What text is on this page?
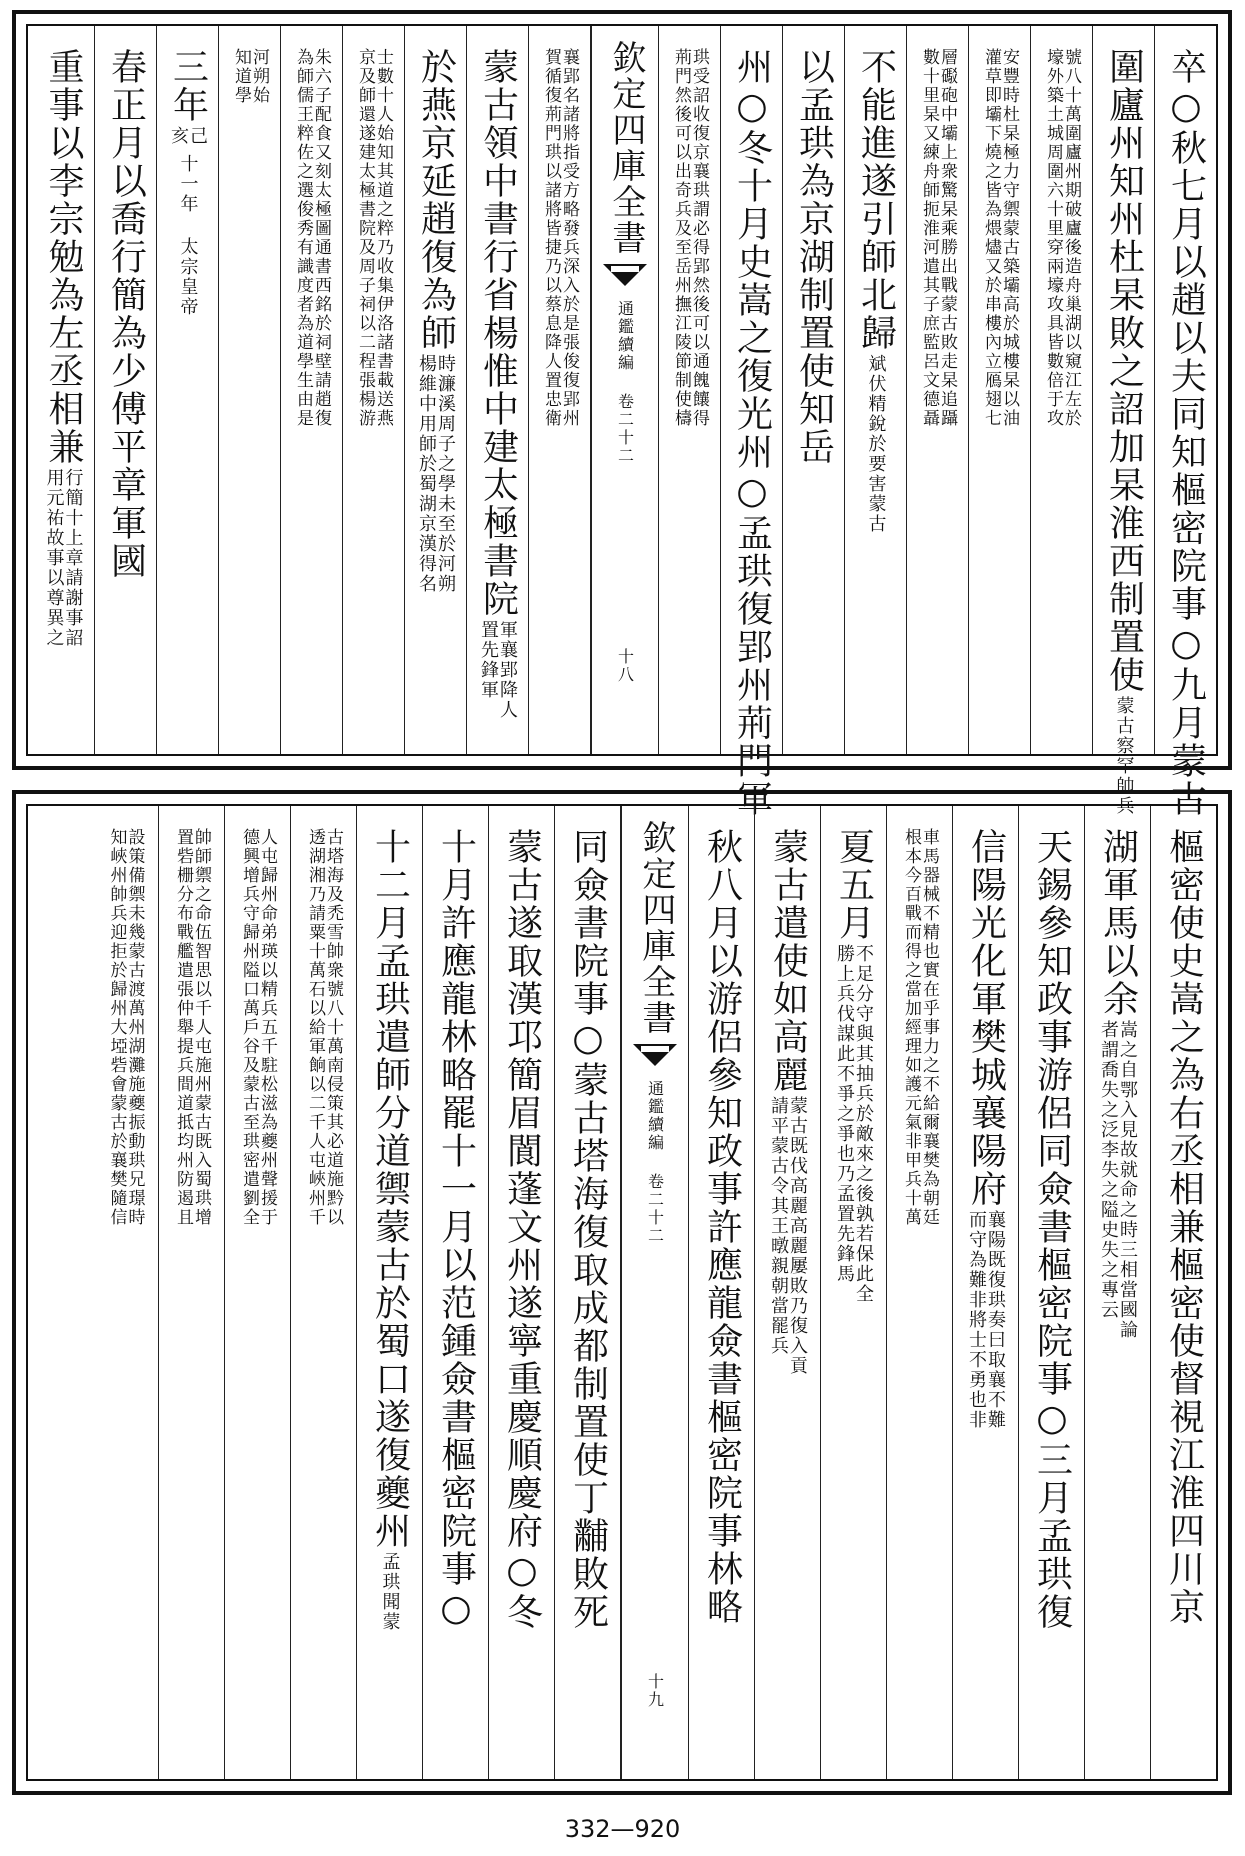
卒○秋七月以趙以夫同知樞密院事○九月蒙古
圍廬州知州杜杲敗之詔加杲淮西制置使
蒙古察罕帥兵
號八十萬圍廬州期破廬後造舟巢湖以窺江左於
壕外築土城周圍六十里穿兩壕攻具皆數倍于攻
安豐時杜杲極力守禦蒙古築壩高於城樓杲以油
灌草即壩下燒之皆為煨燼又於串樓內立鴈翅七
層礟砲中壩上衆驚杲乘勝出戰蒙古敗走杲追躡
數十里杲又練舟師扼淮河遣其子庶監呂文德聶
不能進遂引師北歸
斌伏精銳於要害蒙古
以孟珙為京湖制置使知岳
州○冬十月史嵩之復光州○孟珙復郢州荊門軍
珙受詔收復京襄珙謂必得郢然後可以通餽饟得
荊門然後可以出奇兵及至岳州撫江陵節制使檮
欽定四庫全書
通鑑續編 卷二十二
十八
襄郢名諸將指受方略發兵深入於是張俊復郢州
賀循復荊門珙以諸將皆捷乃以蔡息降人置忠衛
蒙古領中書行省楊惟中建太極書院
軍襄郢降人
置先鋒軍
於燕京延趙復為師
時濂溪周子之學未至於河朔
楊維中用師於蜀湖京漢得名
士數十人始知其道之粹乃收集伊洛諸書載送燕
京及師還遂建太極書院及周子祠以二程張楊游
朱六子配食又刻太極圖通書西銘於祠壁請趙復
為師儒王粹佐之選俊秀有識度者為道學生由是
河朔始
知道學
三年
己
亥
十一年 太宗皇帝
春正月以喬行簡為少傅平章軍國
重事以李宗勉為左丞相兼
行簡十上章請謝事詔
用元祐故事以尊異之
樞密使史嵩之為右丞相兼樞密使督視江淮四川京
湖軍馬以余
嵩之自鄂入見故就命之時三相當國論
者謂喬失之泛李失之隘史失之專云
天錫參知政事游侶同僉書樞密院事○三月孟珙復
信陽光化軍樊城襄陽府
襄陽既復珙奏曰取襄不難
而守為難非將士不勇也非
車馬器械不精也實在乎事力之不給爾襄樊為朝廷
根本今百戰而得之當加經理如護元氣非甲兵十萬
夏五月
不足分守與其抽兵於敵來之後孰若保此全
勝上兵伐謀此不爭之爭也乃孟置先鋒馬
蒙古遣使如高麗
蒙古既伐高麗高麗屢敗乃復入貢
請平蒙古令其王暾親朝當罷兵
秋八月以游侶參知政事許應龍僉書樞密院事林略
欽定四庫全書
通鑑續編 卷二十二
十九
同僉書院事○蒙古塔海復取成都制置使丁黼敗死
蒙古遂取漢邛簡眉閬蓬文州遂寧重慶順慶府○冬
十月許應龍林略罷十一月以范鍾僉書樞密院事○
十二月孟珙遣師分道禦蒙古於蜀口遂復夔州
孟珙聞蒙
古塔海及禿雪帥衆號八十萬南侵策其必道施黔以
透湖湘乃請粟十萬石以給軍餉以二千人屯峽州千
人屯歸州命弟瑛以精兵五千駐松滋為夔州聲援于
德興增兵守歸州隘口萬戶谷及蒙古至珙密遣劉全
帥師禦之命伍智思以千人屯施州蒙古既入蜀珙增
置砦栅分布戰艦遣張仲舉提兵間道抵均州防遏且
設策備禦未幾蒙古渡萬州湖灘施夔振動珙兄璟時
知峽州帥兵迎拒於歸州大埡砦會蒙古於襄樊隨信
332—920
